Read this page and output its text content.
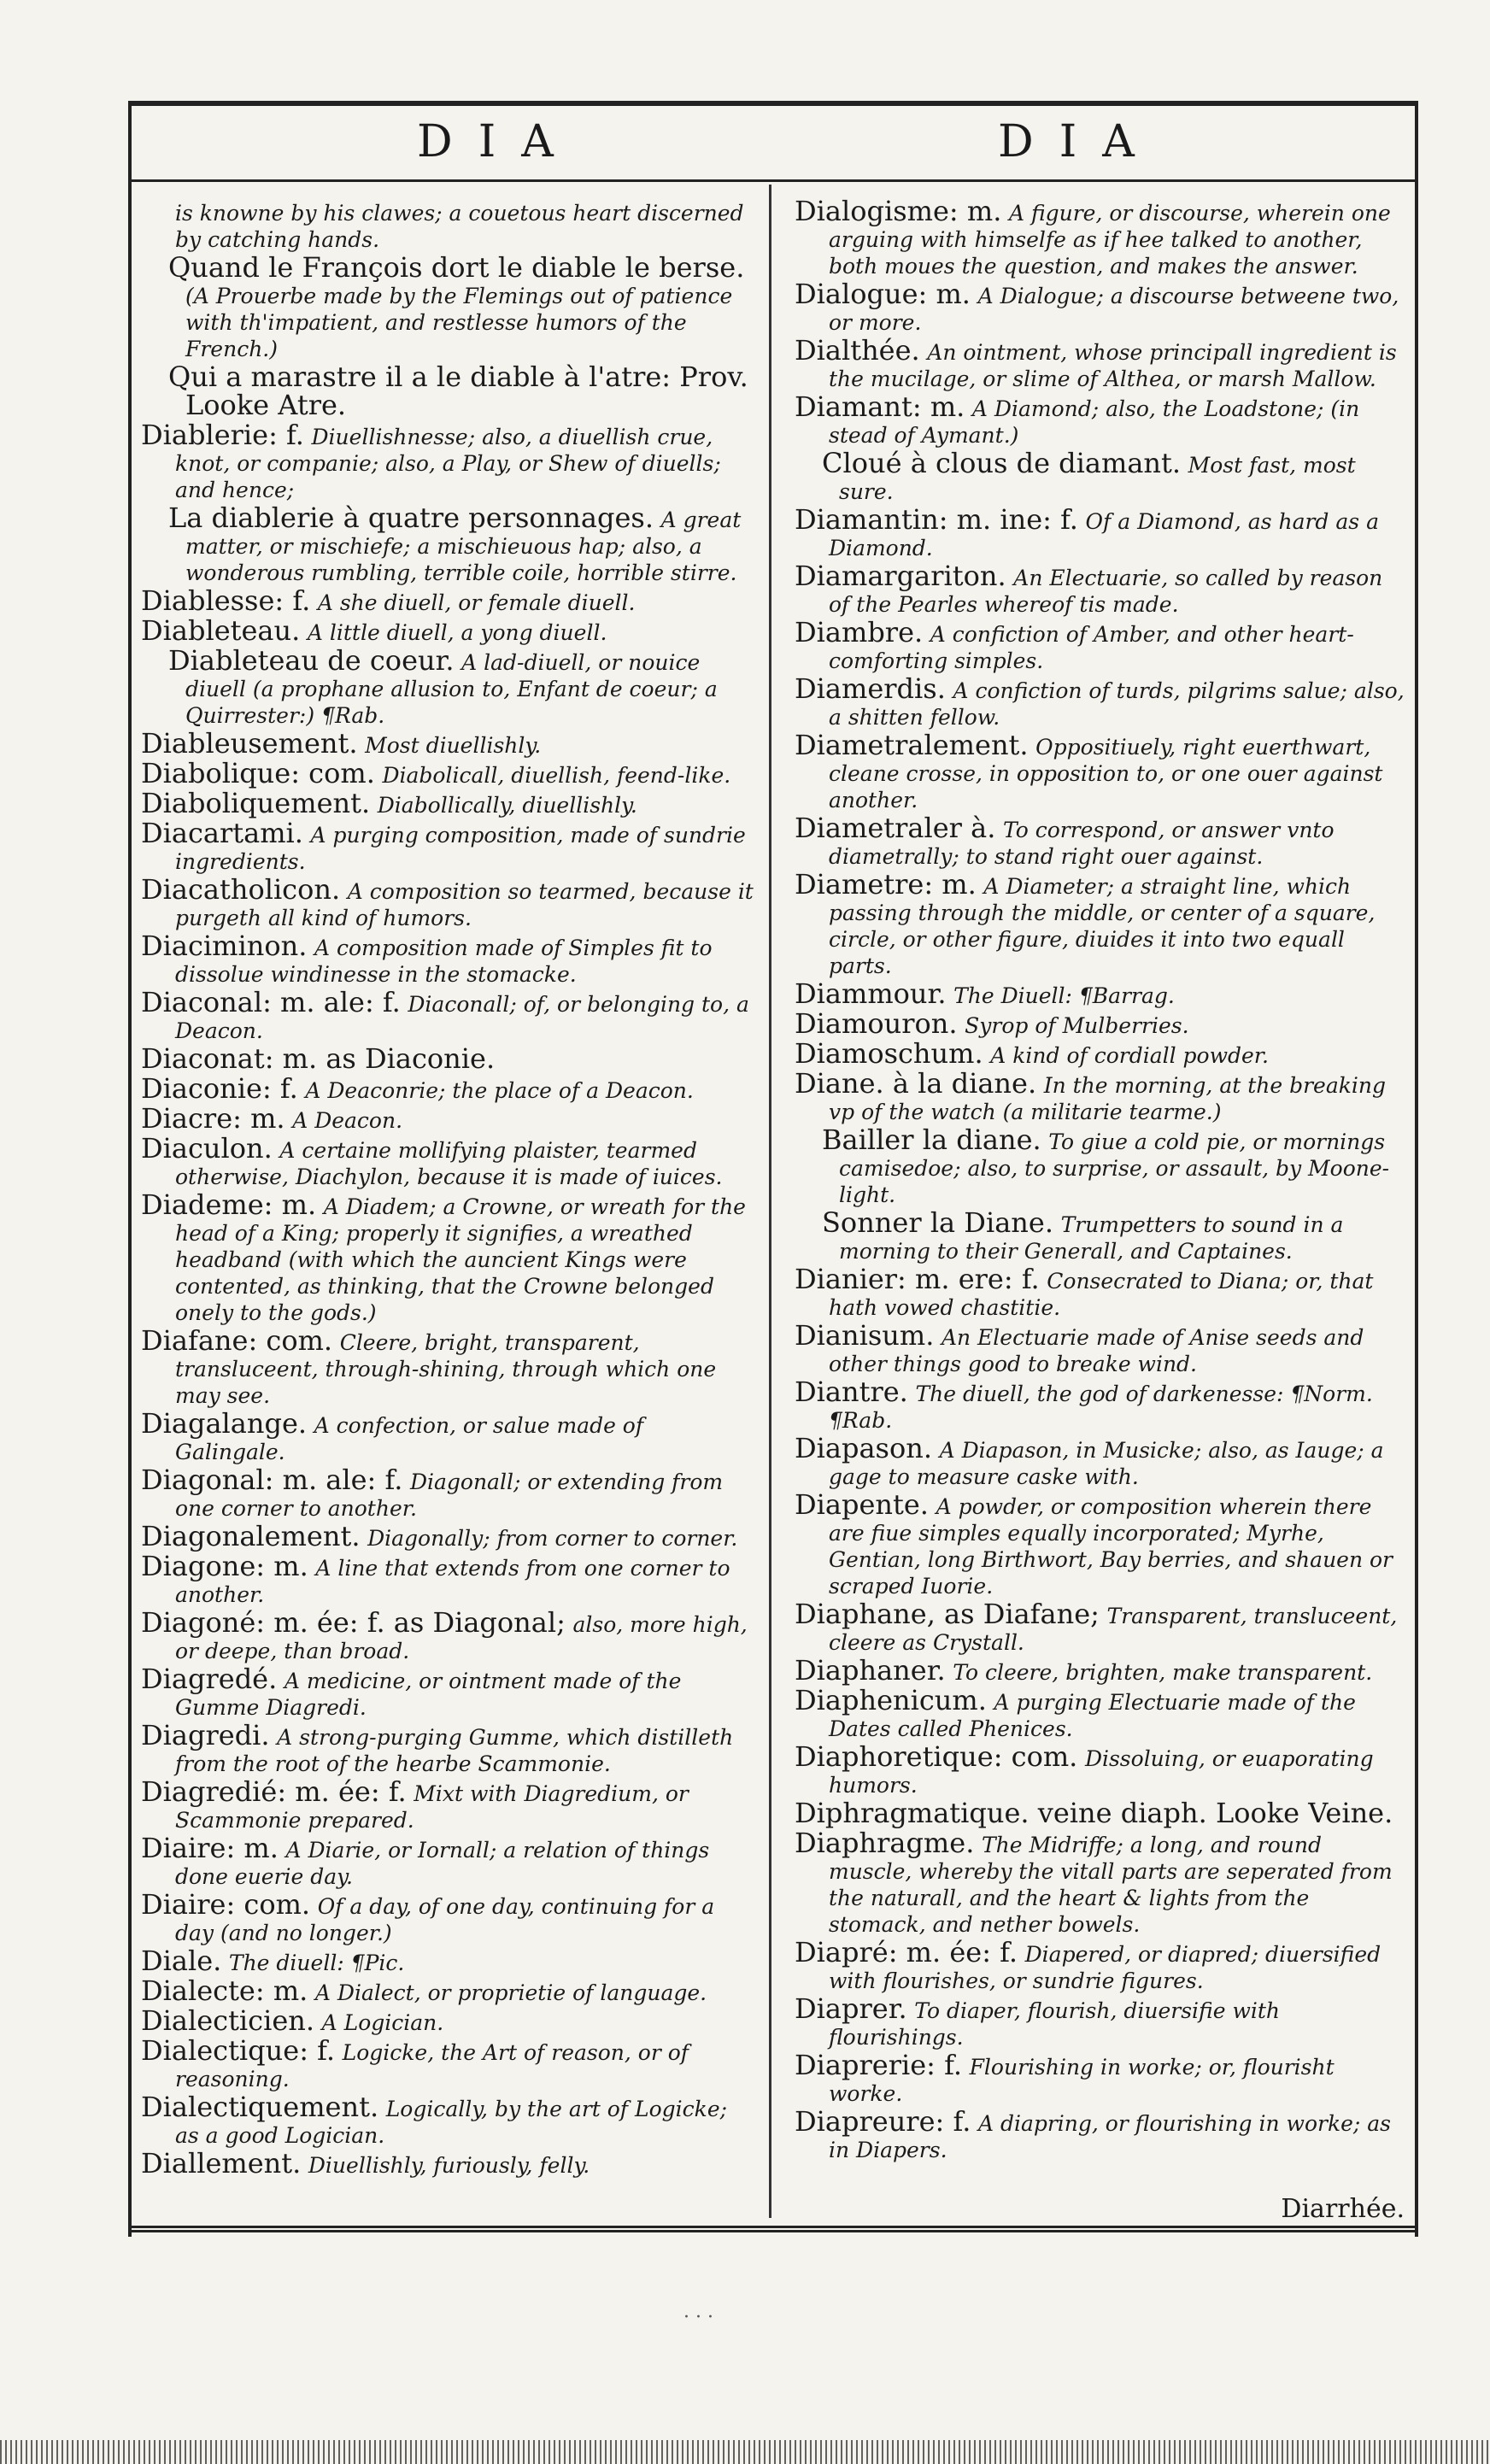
DIA	DIA
is knowne by his clawes; a couetous heart discerned by catching hands.
Quand le François dort le diable le berse. (A Prouerbe made by the Flemings out of patience with th'impatient, and restlesse humors of the French.)
Qui a marastre il a le diable à l'atre: Prov. Looke Atre.
Diablerie: f. Diuellishnesse; also, a diuellish crue, knot, or companie; also, a Play, or Shew of diuells; and hence;
La diablerie à quatre personnages. A great matter, or mischiefe; a mischieuous hap; also, a wonderous rumbling, terrible coile, horrible stirre.
Diablesse: f. A she diuell, or female diuell.
Diableteau. A little diuell, a yong diuell.
Diableteau de coeur. A lad-diuell, or nouice diuell (a prophane allusion to, Enfant de coeur; a Quirrester:) ¶Rab.
Diableusement. Most diuellishly.
Diabolique: com. Diabolicall, diuellish, feend-like.
Diaboliquement. Diabollically, diuellishly.
Diacartami. A purging composition, made of sundrie ingredients.
Diacatholicon. A composition so tearmed, because it purgeth all kind of humors.
Diaciminon. A composition made of Simples fit to dissolue windinesse in the stomacke.
Diaconal: m. ale: f. Diaconall; of, or belonging to, a Deacon.
Diaconat: m. as Diaconie.
Diaconie: f. A Deaconrie; the place of a Deacon.
Diacre: m. A Deacon.
Diaculon. A certaine mollifying plaister, tearmed otherwise, Diachylon, because it is made of iuices.
Diademe: m. A Diadem; a Crowne, or wreath for the head of a King; properly it signifies, a wreathed headband (with which the auncient Kings were contented, as thinking, that the Crowne belonged onely to the gods.)
Diafane: com. Cleere, bright, transparent, transluceent, through-shining, through which one may see.
Diagalange. A confection, or salue made of Galingale.
Diagonal: m. ale: f. Diagonall; or extending from one corner to another.
Diagonalement. Diagonally; from corner to corner.
Diagone: m. A line that extends from one corner to another.
Diagoné: m. ée: f. as Diagonal; also, more high, or deepe, than broad.
Diagredé. A medicine, or ointment made of the Gumme Diagredi.
Diagredi. A strong-purging Gumme, which distilleth from the root of the hearbe Scammonie.
Diagredié: m. ée: f. Mixt with Diagredium, or Scammonie prepared.
Diaire: m. A Diarie, or Iornall; a relation of things done euerie day.
Diaire: com. Of a day, of one day, continuing for a day (and no longer.)
Diale. The diuell: ¶Pic.
Dialecte: m. A Dialect, or proprietie of language.
Dialecticien. A Logician.
Dialectique: f. Logicke, the Art of reason, or of reasoning.
Dialectiquement. Logically, by the art of Logicke; as a good Logician.
Diallement. Diuellishly, furiously, felly.
Dialogisme: m. A figure, or discourse, wherein one arguing with himselfe as if hee talked to another, both moues the question, and makes the answer.
Dialogue: m. A Dialogue; a discourse betweene two, or more.
Dialthée. An ointment, whose principall ingredient is the mucilage, or slime of Althea, or marsh Mallow.
Diamant: m. A Diamond; also, the Loadstone; (in stead of Aymant.)
Cloué à clous de diamant. Most fast, most sure.
Diamantin: m. ine: f. Of a Diamond, as hard as a Diamond.
Diamargariton. An Electuarie, so called by reason of the Pearles whereof tis made.
Diambre. A confiction of Amber, and other heart-comforting simples.
Diamerdis. A confiction of turds, pilgrims salue; also, a shitten fellow.
Diametralement. Oppositiuely, right euerthwart, cleane crosse, in opposition to, or one ouer against another.
Diametraler à. To correspond, or answer vnto diametrally; to stand right ouer against.
Diametre: m. A Diameter; a straight line, which passing through the middle, or center of a square, circle, or other figure, diuides it into two equall parts.
Diammour. The Diuell: ¶Barrag.
Diamouron. Syrop of Mulberries.
Diamoschum. A kind of cordiall powder.
Diane. à la diane. In the morning, at the breaking vp of the watch (a militarie tearme.)
Bailler la diane. To giue a cold pie, or mornings camisedoe; also, to surprise, or assault, by Moone-light.
Sonner la Diane. Trumpetters to sound in a morning to their Generall, and Captaines.
Dianier: m. ere: f. Consecrated to Diana; or, that hath vowed chastitie.
Dianisum. An Electuarie made of Anise seeds and other things good to breake wind.
Diantre. The diuell, the god of darkenesse: ¶Norm. ¶Rab.
Diapason. A Diapason, in Musicke; also, as Iauge; a gage to measure caske with.
Diapente. A powder, or composition wherein there are fiue simples equally incorporated; Myrhe, Gentian, long Birthwort, Bay berries, and shauen or scraped Iuorie.
Diaphane, as Diafane; Transparent, transluceent, cleere as Crystall.
Diaphaner. To cleere, brighten, make transparent.
Diaphenicum. A purging Electuarie made of the Dates called Phenices.
Diaphoretique: com. Dissoluing, or euaporating humors.
Diphragmatique. veine diaph. Looke Veine.
Diaphragme. The Midriffe; a long, and round muscle, whereby the vitall parts are seperated from the naturall, and the heart & lights from the stomack, and nether bowels.
Diapré: m. ée: f. Diapered, or diapred; diuersified with flourishes, or sundrie figures.
Diaprer. To diaper, flourish, diuersifie with flourishings.
Diaprerie: f. Flourishing in worke; or, flourisht worke.
Diapreure: f. A diapring, or flourishing in worke; as in Diapers.
Diarrhée.
· · ·
